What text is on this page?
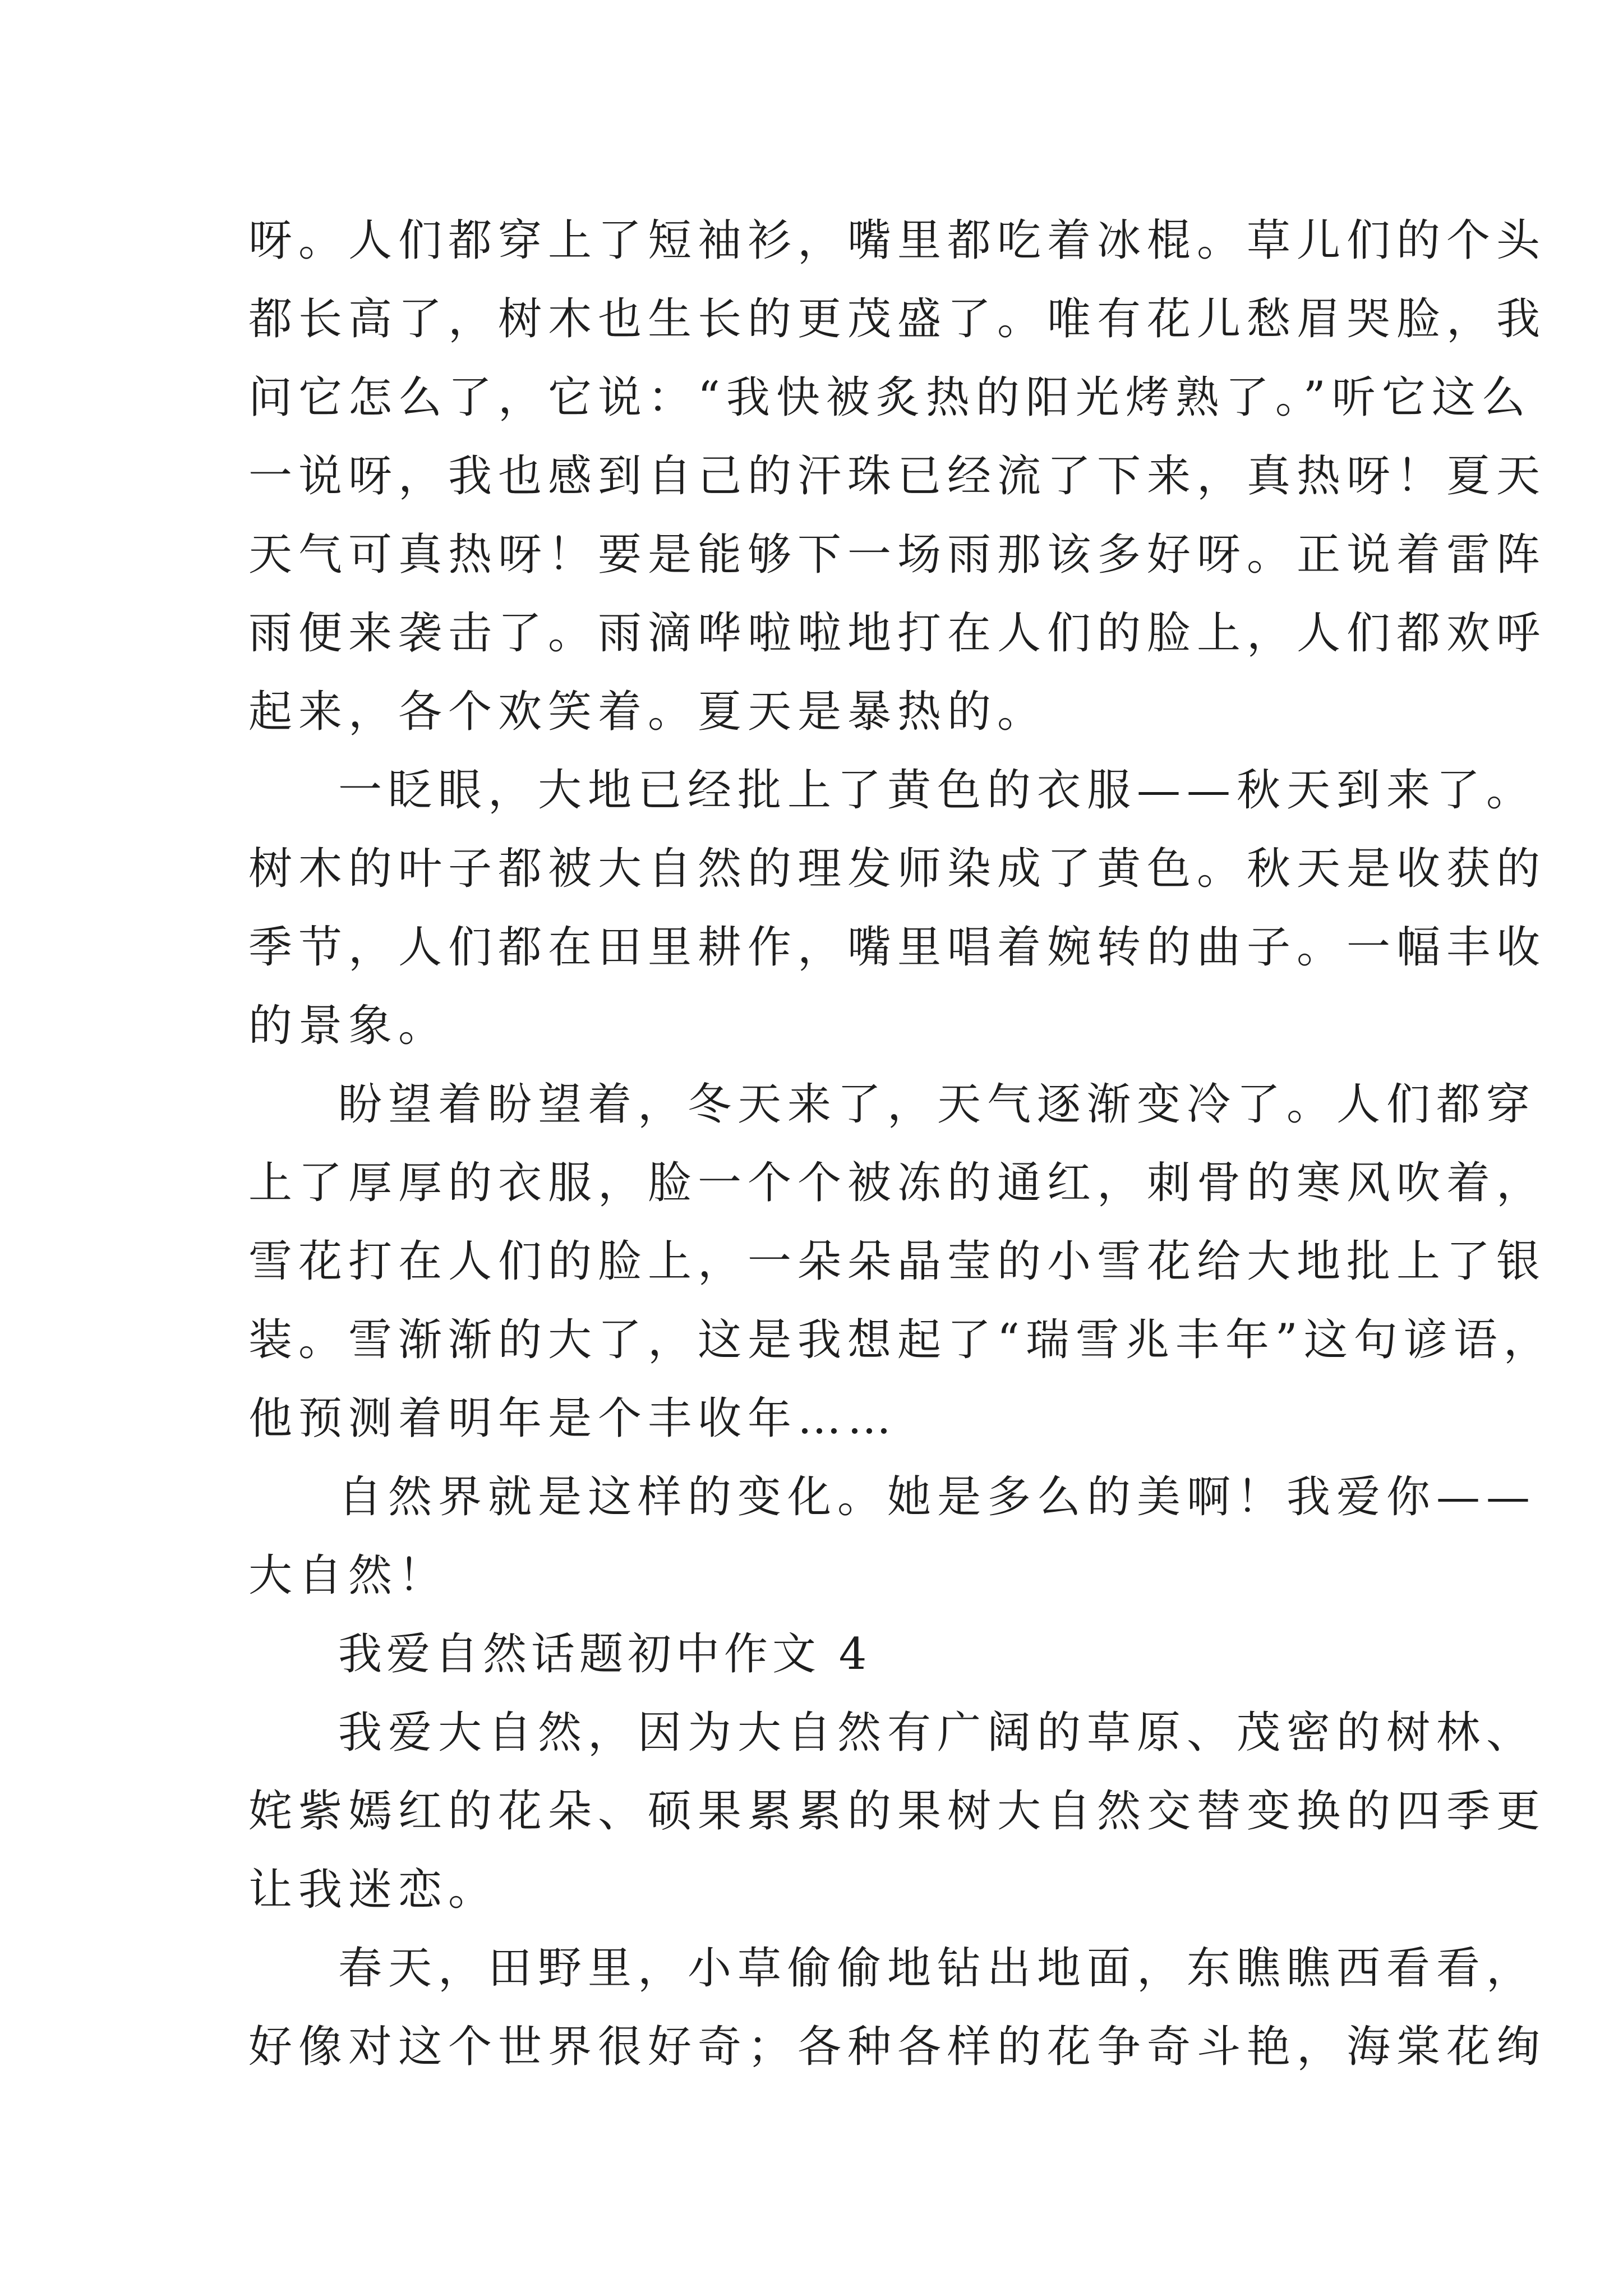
呀。人们都穿上了短袖衫，嘴里都吃着冰棍。草儿们的个头
都长高了，树木也生长的更茂盛了。唯有花儿愁眉哭脸，我
问它怎么了，它说：“我快被炙热的阳光烤熟了。”听它这么
一说呀，我也感到自己的汗珠已经流了下来，真热呀！夏天
天气可真热呀！要是能够下一场雨那该多好呀。正说着雷阵
雨便来袭击了。雨滴哗啦啦地打在人们的脸上，人们都欢呼
起来，各个欢笑着。夏天是暴热的。
一眨眼，大地已经批上了黄色的衣服——秋天到来了。
树木的叶子都被大自然的理发师染成了黄色。秋天是收获的
季节，人们都在田里耕作，嘴里唱着婉转的曲子。一幅丰收
的景象。
盼望着盼望着，冬天来了，天气逐渐变冷了。人们都穿
上了厚厚的衣服，脸一个个被冻的通红，刺骨的寒风吹着，
雪花打在人们的脸上，一朵朵晶莹的小雪花给大地批上了银
装。雪渐渐的大了，这是我想起了“瑞雪兆丰年”这句谚语，
他预测着明年是个丰收年……
自然界就是这样的变化。她是多么的美啊！我爱你——
大自然！
我爱自然话题初中作文 4
我爱大自然，因为大自然有广阔的草原、茂密的树林、
姹紫嫣红的花朵、硕果累累的果树大自然交替变换的四季更
让我迷恋。
春天，田野里，小草偷偷地钻出地面，东瞧瞧西看看，
好像对这个世界很好奇；各种各样的花争奇斗艳，海棠花绚
